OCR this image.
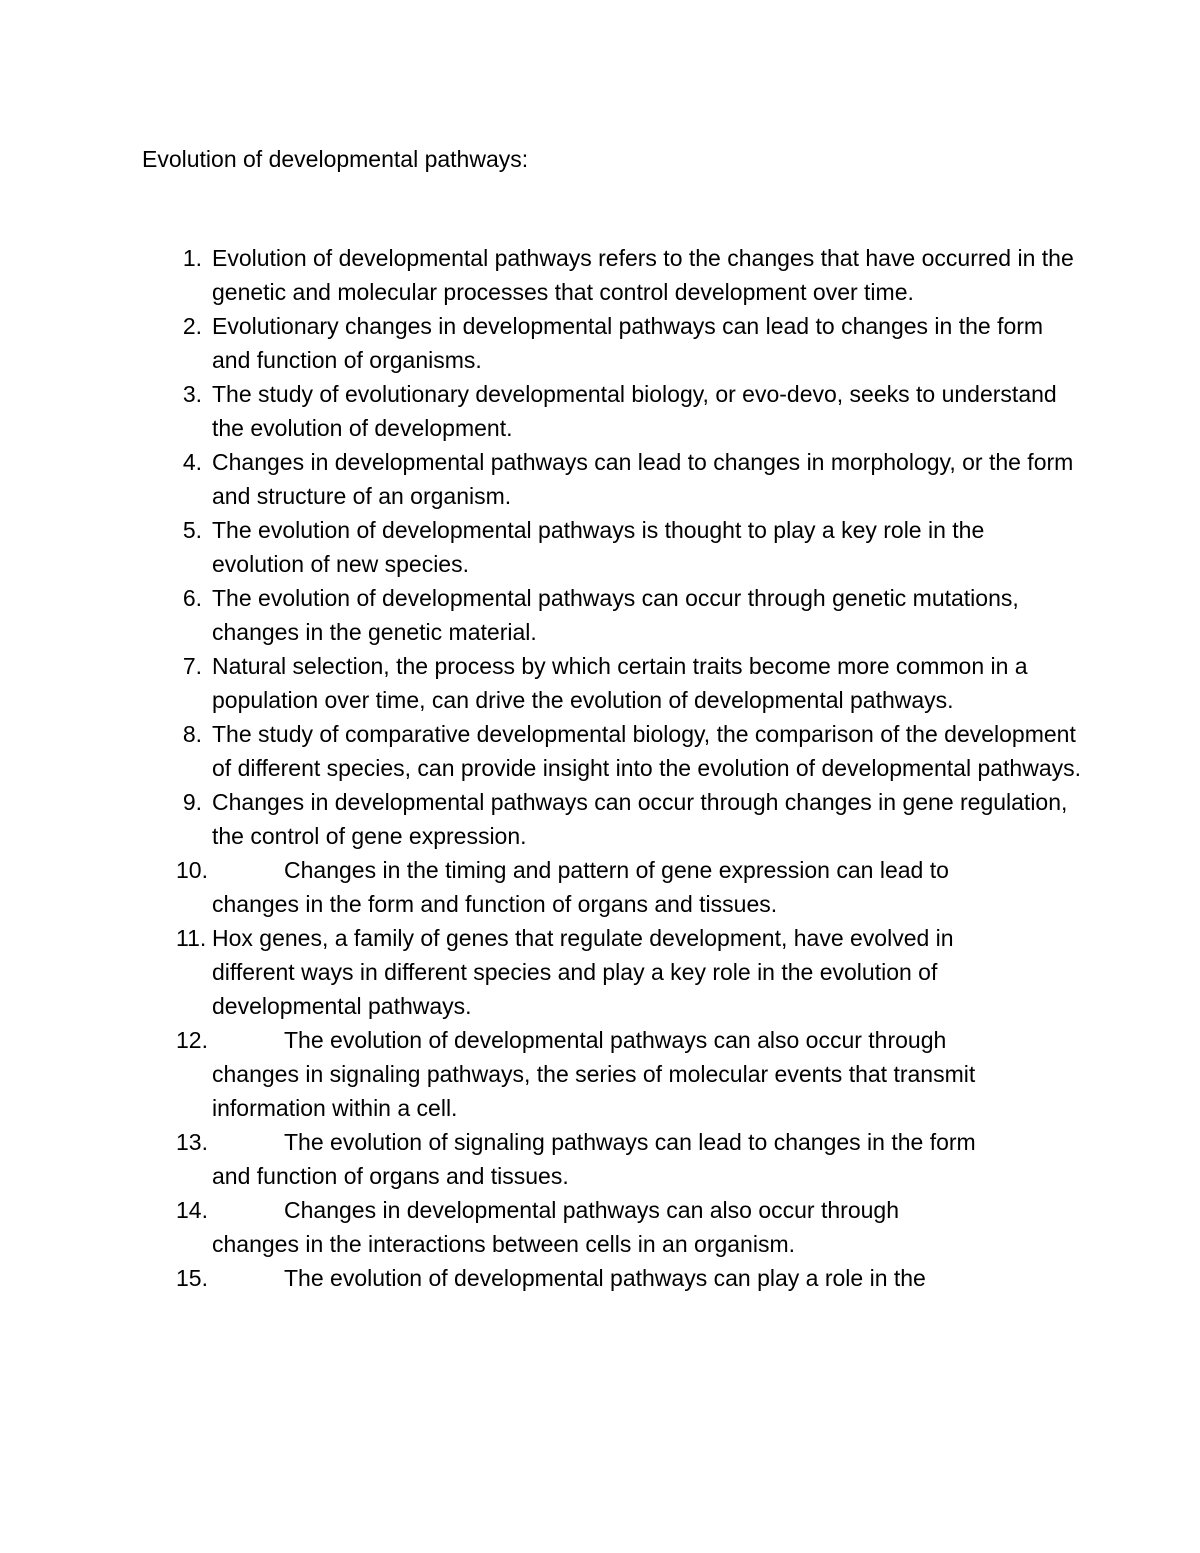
Evolution of developmental pathways:
1. Evolution of developmental pathways refers to the changes that have occurred in the genetic and molecular processes that control development over time.
2. Evolutionary changes in developmental pathways can lead to changes in the form and function of organisms.
3. The study of evolutionary developmental biology, or evo-devo, seeks to understand the evolution of development.
4. Changes in developmental pathways can lead to changes in morphology, or the form and structure of an organism.
5. The evolution of developmental pathways is thought to play a key role in the evolution of new species.
6. The evolution of developmental pathways can occur through genetic mutations, changes in the genetic material.
7. Natural selection, the process by which certain traits become more common in a population over time, can drive the evolution of developmental pathways.
8. The study of comparative developmental biology, the comparison of the development of different species, can provide insight into the evolution of developmental pathways.
9. Changes in developmental pathways can occur through changes in gene regulation, the control of gene expression.
10.	Changes in the timing and pattern of gene expression can lead to
changes in the form and function of organs and tissues.
11. Hox genes, a family of genes that regulate development, have evolved in
different ways in different species and play a key role in the evolution of developmental pathways.
12.	The evolution of developmental pathways can also occur through
changes in signaling pathways, the series of molecular events that transmit information within a cell.
13.	The evolution of signaling pathways can lead to changes in the form
and function of organs and tissues.
14.	Changes in developmental pathways can also occur through
changes in the interactions between cells in an organism.
15.	The evolution of developmental pathways can play a role in the
